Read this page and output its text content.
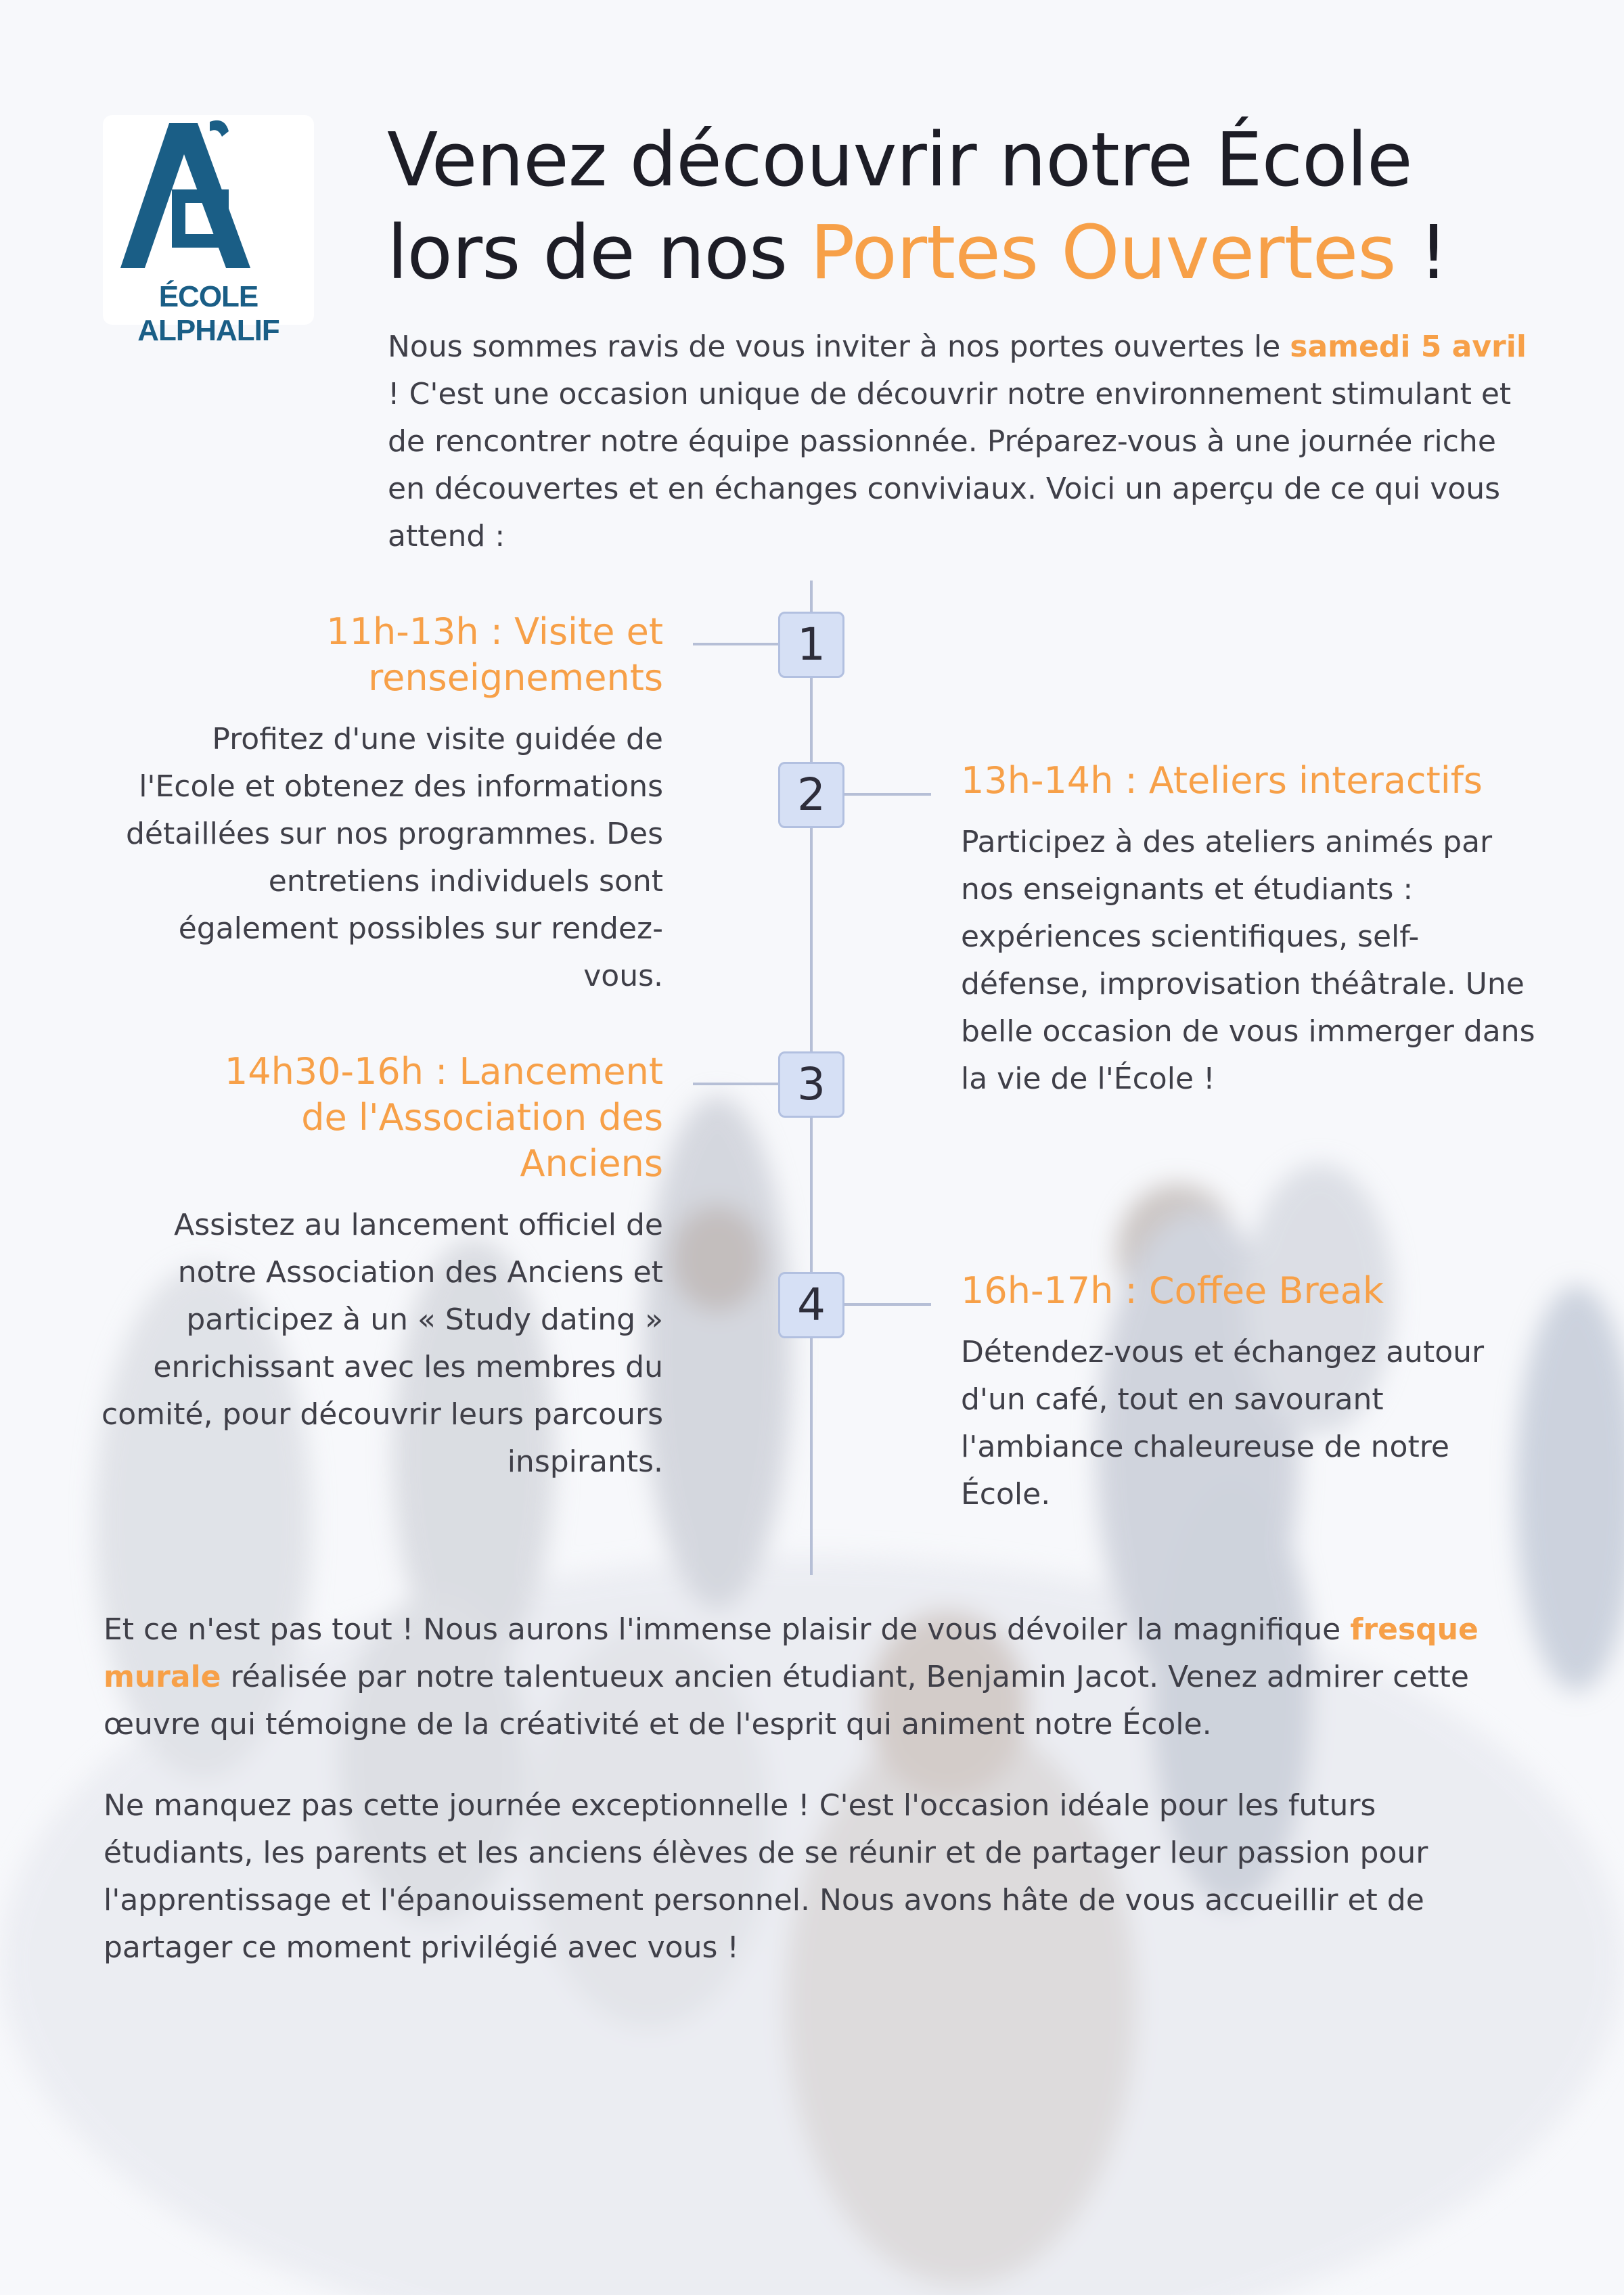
ÉCOLE ALPHALIF
Venez découvrir notre École
lors de nos Portes Ouvertes !

Nous sommes ravis de vous inviter à nos portes ouvertes le samedi 5 avril ! C'est une occasion unique de découvrir notre environnement stimulant et de rencontrer notre équipe passionnée. Préparez-vous à une journée riche en découvertes et en échanges conviviaux. Voici un aperçu de ce qui vous attend :

1
2
3
4
11h-13h : Visite et renseignements

Profitez d'une visite guidée de l'Ecole et obtenez des informations détaillées sur nos programmes. Des entretiens individuels sont également possibles sur rendez-vous.

13h-14h : Ateliers interactifs

Participez à des ateliers animés par nos enseignants et étudiants : expériences scientifiques, self-défense, improvisation théâtrale. Une belle occasion de vous immerger dans la vie de l'École !

14h30-16h : Lancement de l'Association des Anciens

Assistez au lancement officiel de notre Association des Anciens et participez à un « Study dating » enrichissant avec les membres du comité, pour découvrir leurs parcours inspirants.

16h-17h : Coffee Break

Détendez-vous et échangez autour d'un café, tout en savourant l'ambiance chaleureuse de notre École.

Et ce n'est pas tout ! Nous aurons l'immense plaisir de vous dévoiler la magnifique fresque murale réalisée par notre talentueux ancien étudiant, Benjamin Jacot. Venez admirer cette œuvre qui témoigne de la créativité et de l'esprit qui animent notre École.

Ne manquez pas cette journée exceptionnelle ! C'est l'occasion idéale pour les futurs étudiants, les parents et les anciens élèves de se réunir et de partager leur passion pour l'apprentissage et l'épanouissement personnel. Nous avons hâte de vous accueillir et de partager ce moment privilégié avec vous !
